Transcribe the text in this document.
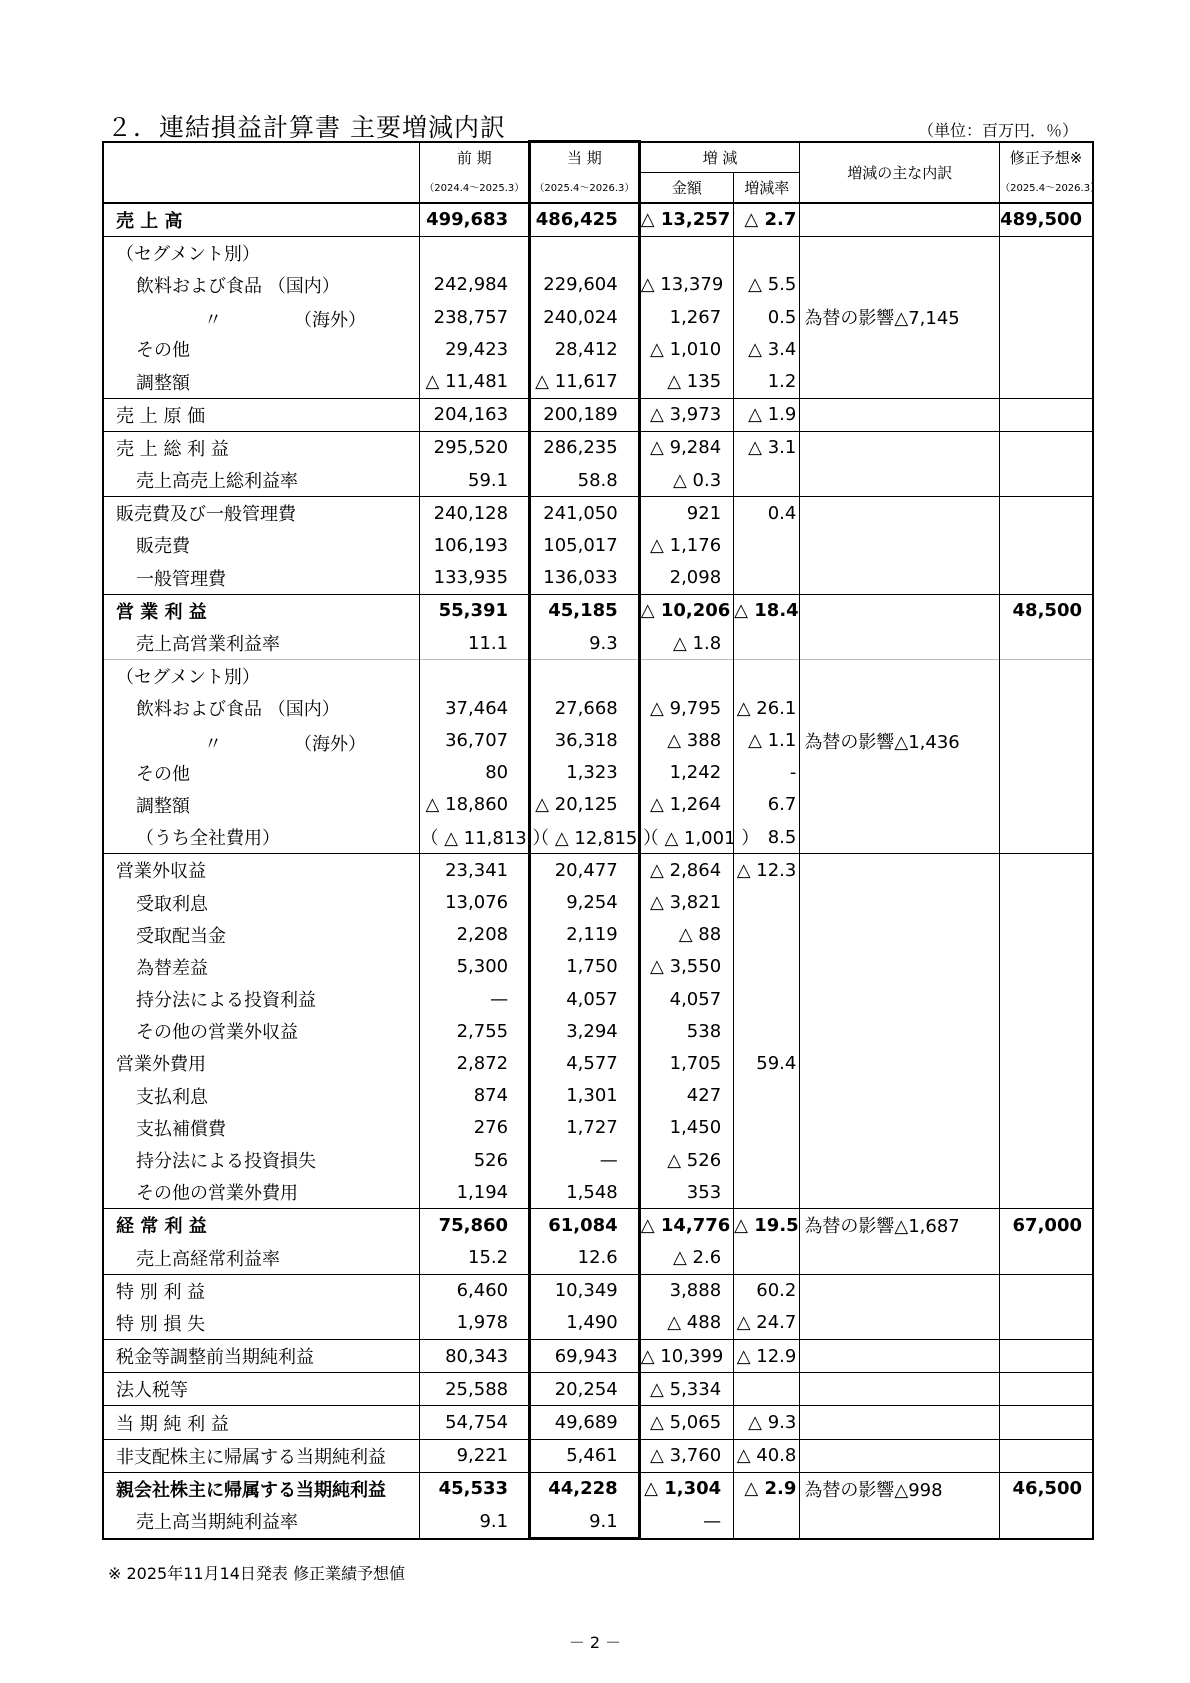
２．連結損益計算書 主要増減内訳	（単位：百万円．％）
	前 期	当 期	増 減		増減の主な内訳	修正予想※
	（2024.4～2025.3）	（2025.4～2026.3）	金額	増減率		（2025.4～2026.3）
売 上 高	499,683	486,425	△ 13,257	△ 2.7		489,500
（セグメント別）						
飲料および食品 （国内）	242,984	229,604	△ 13,379	△ 5.5		

〃 （海外）	238,757	240,024	1,267	0.5	為替の影響△7,145	
その他	29,423	28,412	△ 1,010	△ 3.4		
調整額	△ 11,481	△ 11,617	△ 135	1.2		
売 上 原 価	204,163	200,189	△ 3,973	△ 1.9		
売 上 総 利 益	295,520	286,235	△ 9,284	△ 3.1		
売上高売上総利益率	59.1	58.8	△ 0.3			
販売費及び一般管理費	240,128	241,050	921	0.4		
販売費	106,193	105,017	△ 1,176			
一般管理費	133,935	136,033	2,098			
営 業 利 益	55,391	45,185	△ 10,206	△ 18.4		48,500
売上高営業利益率	11.1	9.3	△ 1.8			
（セグメント別）						
飲料および食品 （国内）	37,464	27,668	△ 9,795	△ 26.1		

〃 （海外）	36,707	36,318	△ 388	△ 1.1	為替の影響△1,436	
その他	80	1,323	1,242	-		
調整額	△ 18,860	△ 20,125	△ 1,264	6.7		
（うち全社費用）	（ △ 11,813 ）	（ △ 12,815 ）	（ △ 1,001 ）	8.5		
営業外収益	23,341	20,477	△ 2,864	△ 12.3		
受取利息	13,076	9,254	△ 3,821			
受取配当金	2,208	2,119	△ 88			
為替差益	5,300	1,750	△ 3,550			
持分法による投資利益	—	4,057	4,057			
その他の営業外収益	2,755	3,294	538			
営業外費用	2,872	4,577	1,705	59.4		
支払利息	874	1,301	427			
支払補償費	276	1,727	1,450			
持分法による投資損失	526	—	△ 526			
その他の営業外費用	1,194	1,548	353			
経 常 利 益	75,860	61,084	△ 14,776	△ 19.5	為替の影響△1,687	67,000
売上高経常利益率	15.2	12.6	△ 2.6			
特 別 利 益	6,460	10,349	3,888	60.2		
特 別 損 失	1,978	1,490	△ 488	△ 24.7		
税金等調整前当期純利益	80,343	69,943	△ 10,399	△ 12.9		
法人税等	25,588	20,254	△ 5,334			
当 期 純 利 益	54,754	49,689	△ 5,065	△ 9.3		
非支配株主に帰属する当期純利益	9,221	5,461	△ 3,760	△ 40.8		
親会社株主に帰属する当期純利益	45,533	44,228	△ 1,304	△ 2.9	為替の影響△998	46,500
売上高当期純利益率	9.1	9.1	—			
※ 2025年11月14日発表 修正業績予想値
－ 2 －
